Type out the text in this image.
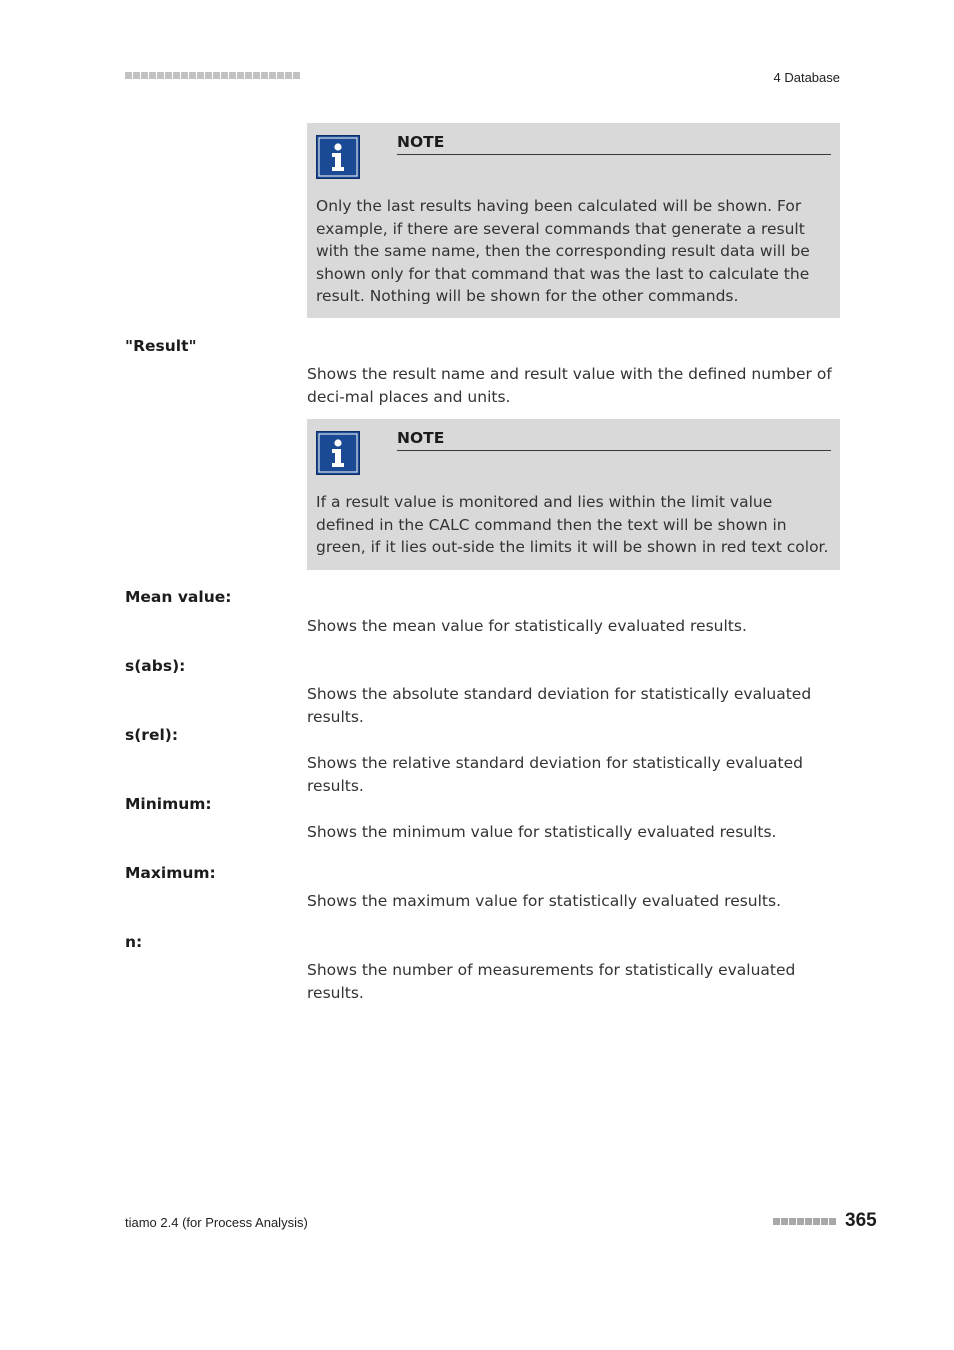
4 Database
NOTE
Only the last results having been calculated will be shown. For example, if there are several commands that generate a result with the same name, then the corresponding result data will be shown only for that command that was the last to calculate the result. Nothing will be shown for the other commands.
"Result"
Shows the result name and result value with the defined number of deci-mal places and units.
NOTE
If a result value is monitored and lies within the limit value defined in the CALC command then the text will be shown in green, if it lies out-side the limits it will be shown in red text color.
Mean value:
Shows the mean value for statistically evaluated results.
s(abs):
Shows the absolute standard deviation for statistically evaluated results.
s(rel):
Shows the relative standard deviation for statistically evaluated results.
Minimum:
Shows the minimum value for statistically evaluated results.
Maximum:
Shows the maximum value for statistically evaluated results.
n:
Shows the number of measurements for statistically evaluated results.
tiamo 2.4 (for Process Analysis)	365
